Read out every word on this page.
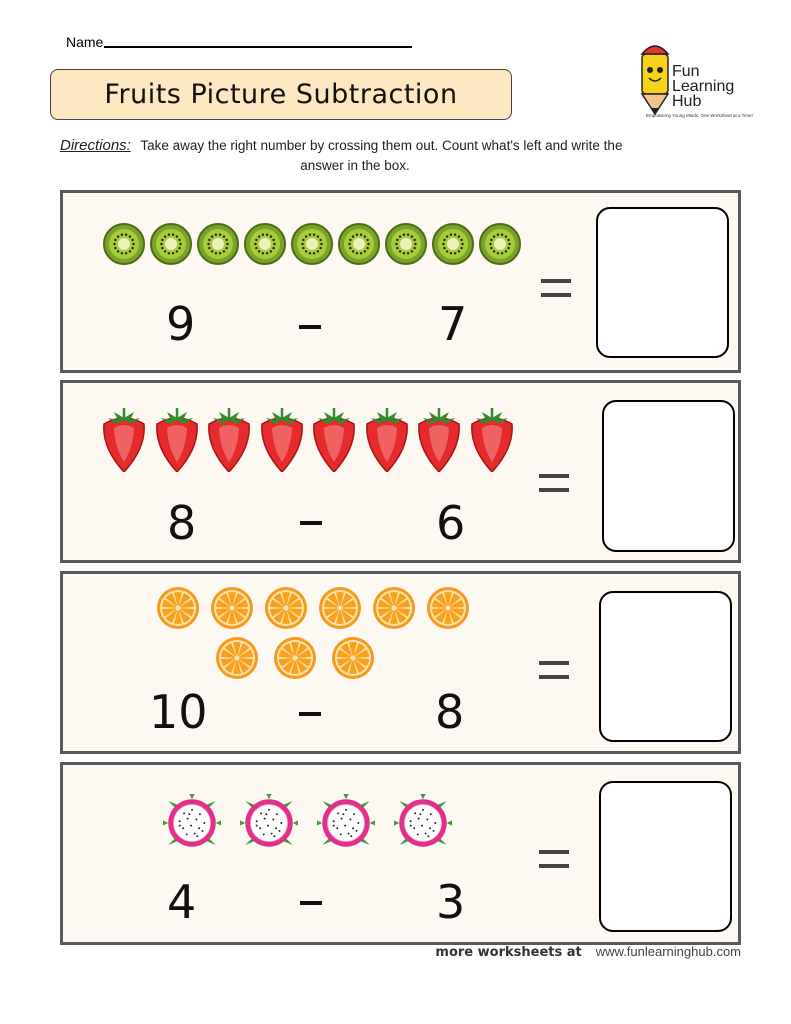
Name
Fruits Picture Subtraction
Fun
Learning
Hub
Empowering Young Minds, One Worksheet at a Time!
Directions: Take away the right number by crossing them out. Count what's left and write the
answer in the box.
9	7
8	6
10	8
4	3
more worksheets at www.funlearninghub.com
